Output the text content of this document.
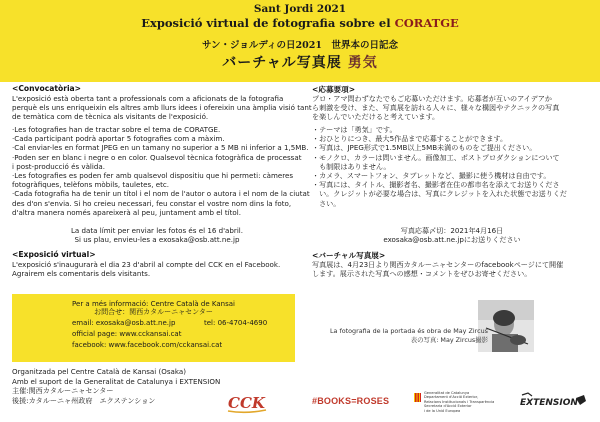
Sant Jordi 2021
Exposició virtual de fotografia sobre el CORATGE
サン・ジョルディの日2021　世界本の日記念
バーチャル写真展 勇気
<Convocatòria>
L'exposició està oberta tant a professionals com a aficionats de la fotografia
perquè els uns enriqueixin els altres amb llurs idees i ofereixin una àmplia visió tant
de temàtica com de tècnica als visitants de l'exposició.
·Les fotografies han de tractar sobre el tema de CORATGE.
·Cada participant podrà aportar 5 fotografies com a màxim.
·Cal enviar-les en format JPEG en un tamany no superior a 5 MB ni inferior a 1,5MB.
·Poden ser en blanc i negre o en color. Qualsevol tècnica fotogràfica de processat
i post-producció és vàlida.
·Les fotografies es poden fer amb qualsevol dispositiu que hi permeti: càmeres
fotogràfiques, telèfons mòbils, tauletes, etc.
·Cada fotografia ha de tenir un títol i el nom de l'autor o autora i el nom de la ciutat
des d'on s'envia. Si ho creieu necessari, feu constar el vostre nom dins la foto,
d'altra manera només apareixerà al peu, juntament amb el títol.
La data límit per enviar les fotos és el 16 d'abril.
Si us plau, envieu-les a exosaka@osb.att.ne.jp
<Exposició virtual>
L'exposició s'inaugurarà el dia 23 d'abril al compte del CCK en el Facebook.
Agrairem els comentaris dels visitants.
<応募要項>
プロ・アマ問わずなたでもご応募いただけます。応募者が互いのアイデアか
ら刺激を受け、また、写真展を訪れる人々に、様々な構図やテクニックの写真
を楽しんでいただけると考えています。
・テーマは「勇気」です。
・おひとりにつき、最大5作品まで応募することができます。
・写真は、JPEG形式で1.5MB以上5MB未満のものをご提出ください。
・モノクロ、カラーは問いません。画像加工、ポストプロダクションについて
　も制限はありません。
・カメラ、スマートフォン、タブレットなど、撮影に使う機材は自由です。
・写真には、タイトル、撮影者名、撮影者在住の都市名を添えてお送りくださ
　い。クレジットが必要な場合は、写真にクレジットを入れた状態でお送りくだ
　さい。
写真応募〆切：2021年4月16日
exosaka@osb.att.ne.jpにお送りください
<バーチャル写真展>
写真展は、4月23日より関西カタルーニャセンターのfacebookページにて開催
します。展示された写真への感想・コメントをぜひお寄せください。
Per a més informació: Centre Català de Kansai
お問合せ：関西カタルーニャセンター
email: exosaka@osb.att.ne.jp	tel: 06-4704-4690
official page: www.cckansai.cat
facebook: www.facebook.com/cckansai.cat
La fotografia de la portada és obra de May Zircus
表の写真: May Zircus撮影
Organitzada pel Centre Català de Kansai (Osaka)
Amb el suport de la Generalitat de Catalunya i EXTENSION
主催:関西カタルーニャセンター
後援:カタルーニャ州政府　エクステンション	CCK	#BOOKS=ROSES
Generalitat de Catalunya
Departament d'Acció Exterior,
Relacions Institucionals i Transparència
Secretaria d'Acció Exterior
i de la Unió Europea
EXTENSION
